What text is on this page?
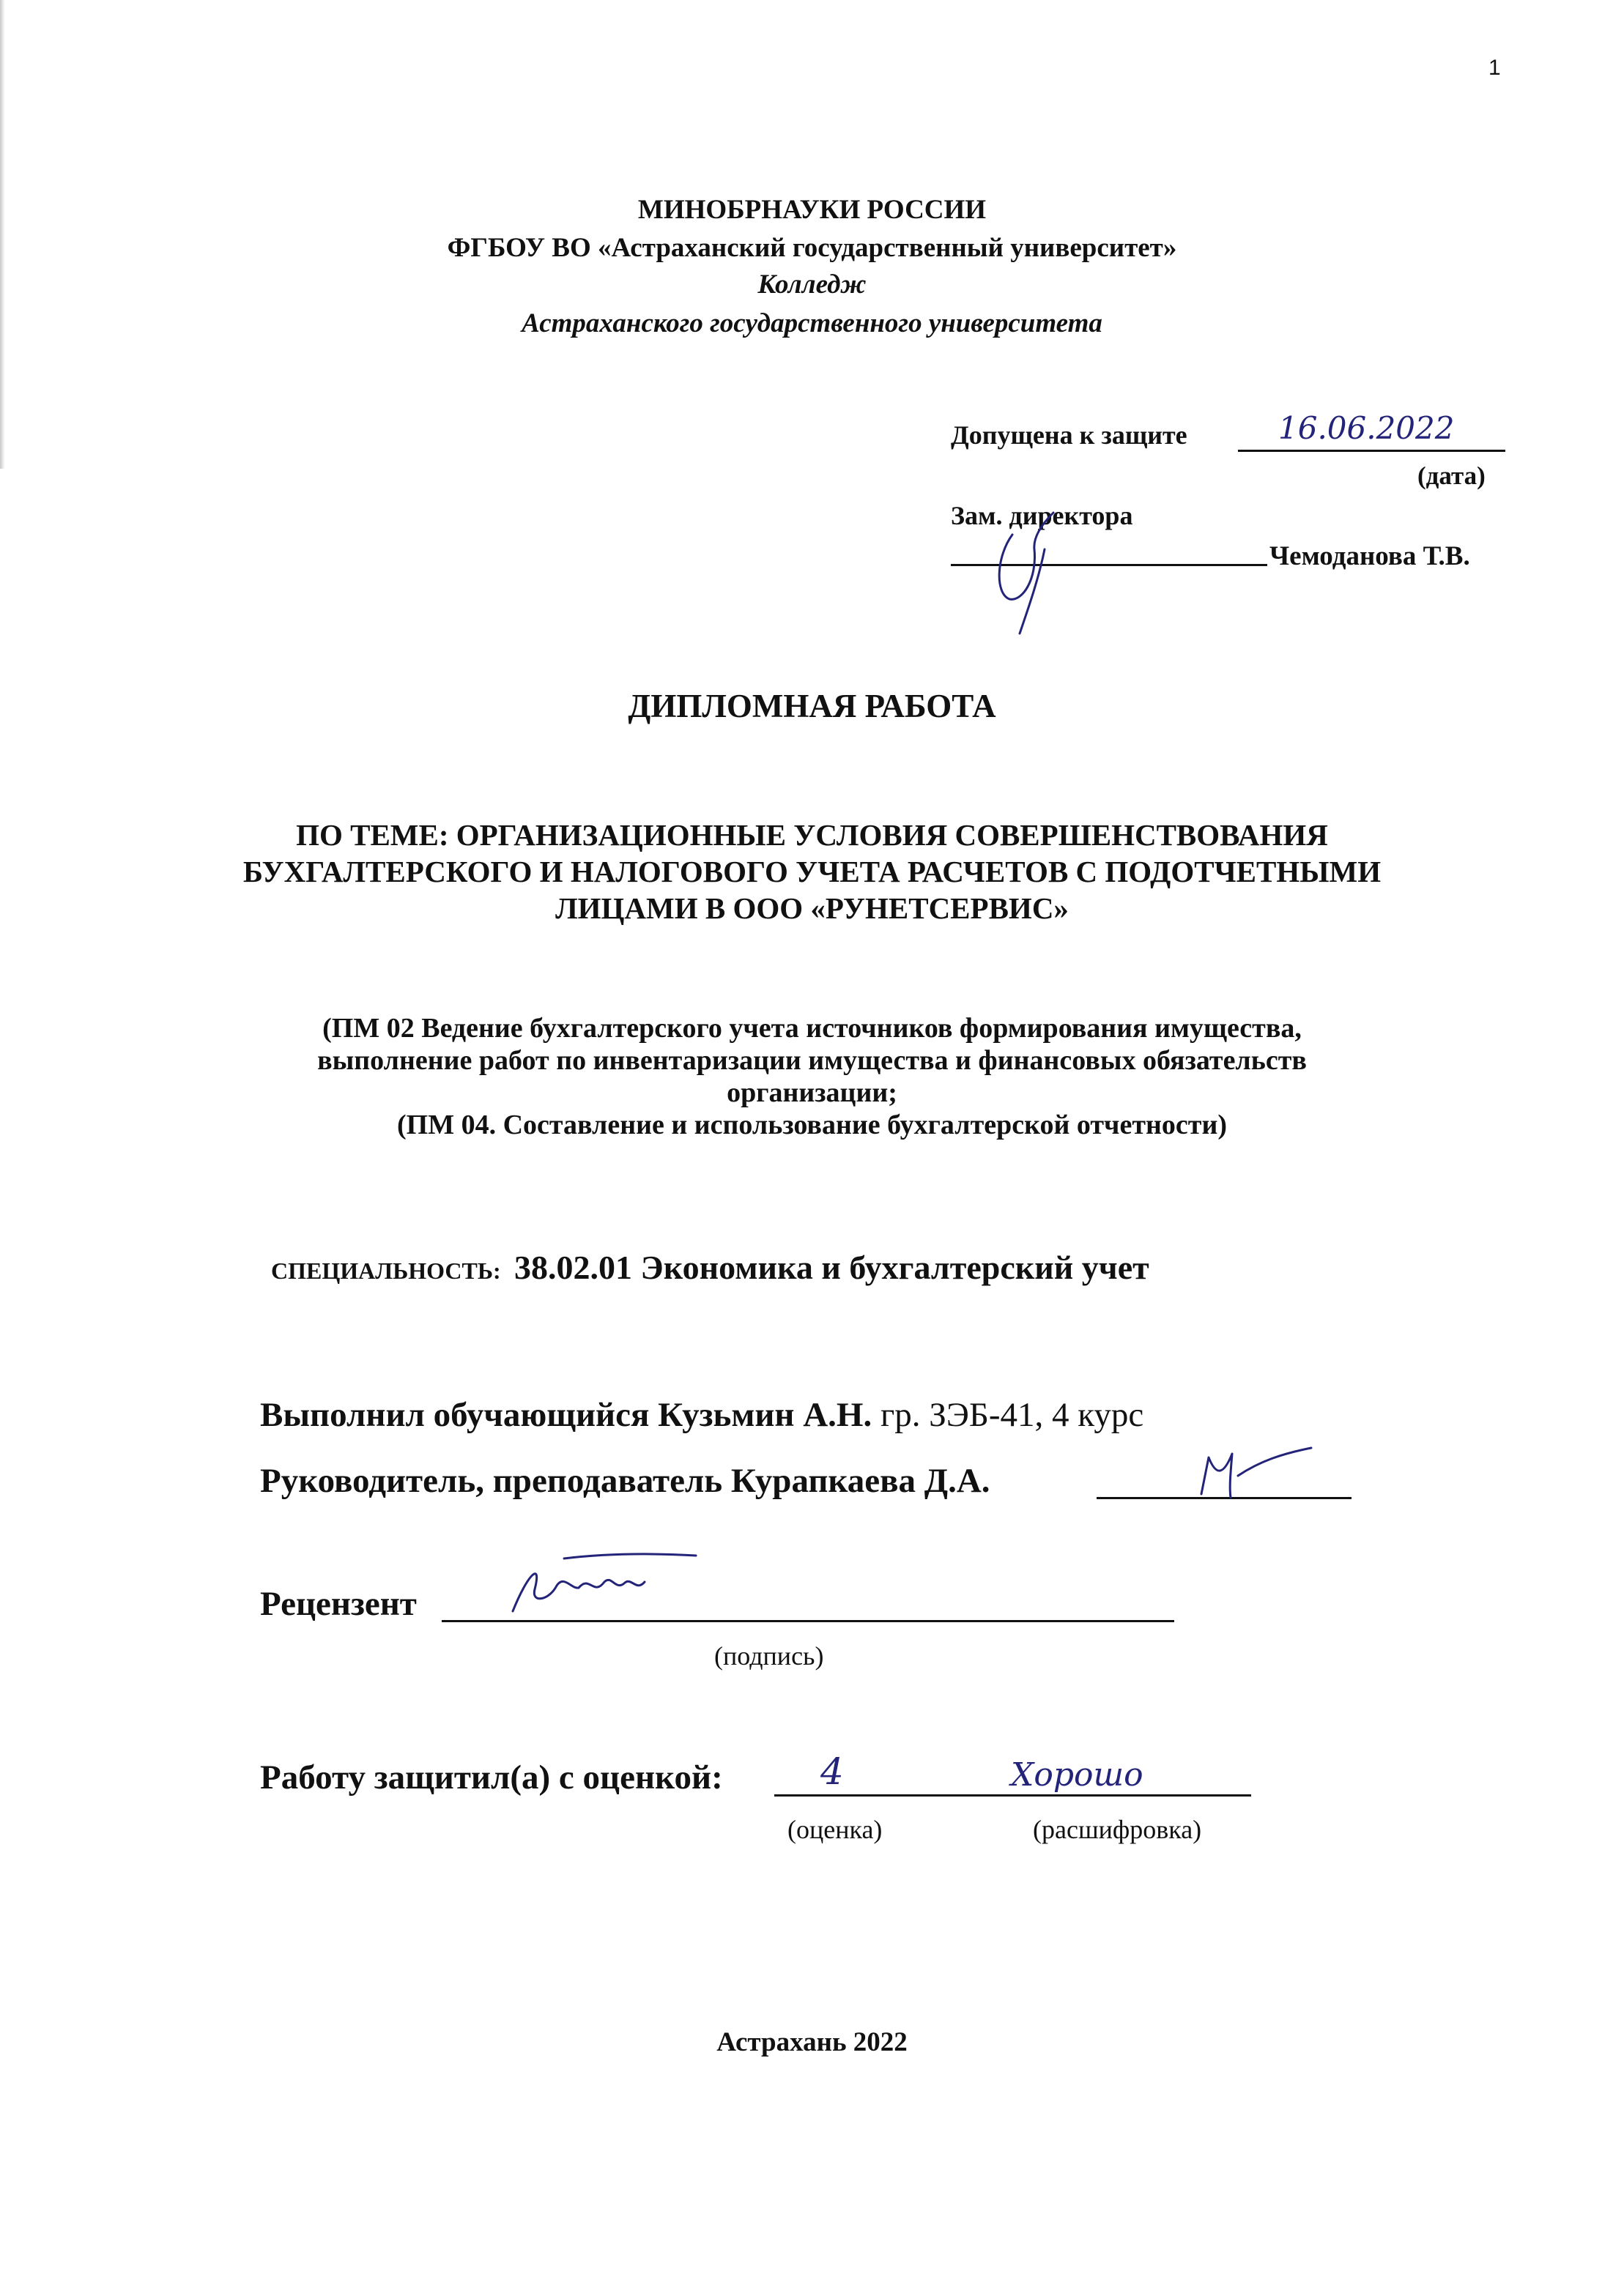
1
МИНОБРНАУКИ РОССИИ
ФГБОУ ВО «Астраханский государственный университет»
Колледж
Астраханского государственного университета
Допущена к защите	16.06.2022
(дата)
Зам. директора
Чемоданова Т.В.
ДИПЛОМНАЯ РАБОТА
ПО ТЕМЕ: ОРГАНИЗАЦИОННЫЕ УСЛОВИЯ СОВЕРШЕНСТВОВАНИЯ
БУХГАЛТЕРСКОГО И НАЛОГОВОГО УЧЕТА РАСЧЕТОВ С ПОДОТЧЕТНЫМИ
ЛИЦАМИ В ООО «РУНЕТСЕРВИС»
(ПМ 02 Ведение бухгалтерского учета источников формирования имущества,
выполнение работ по инвентаризации имущества и финансовых обязательств
организации;
(ПМ 04. Составление и использование бухгалтерской отчетности)
СПЕЦИАЛЬНОСТЬ: 38.02.01 Экономика и бухгалтерский учет
Выполнил обучающийся Кузьмин А.Н. гр. ЗЭБ-41, 4 курс
Руководитель, преподаватель Курапкаева Д.А.
Рецензент
(подпись)
Работу защитил(а) с оценкой:	4	Хорошо
(оценка)	(расшифровка)
Астрахань 2022
